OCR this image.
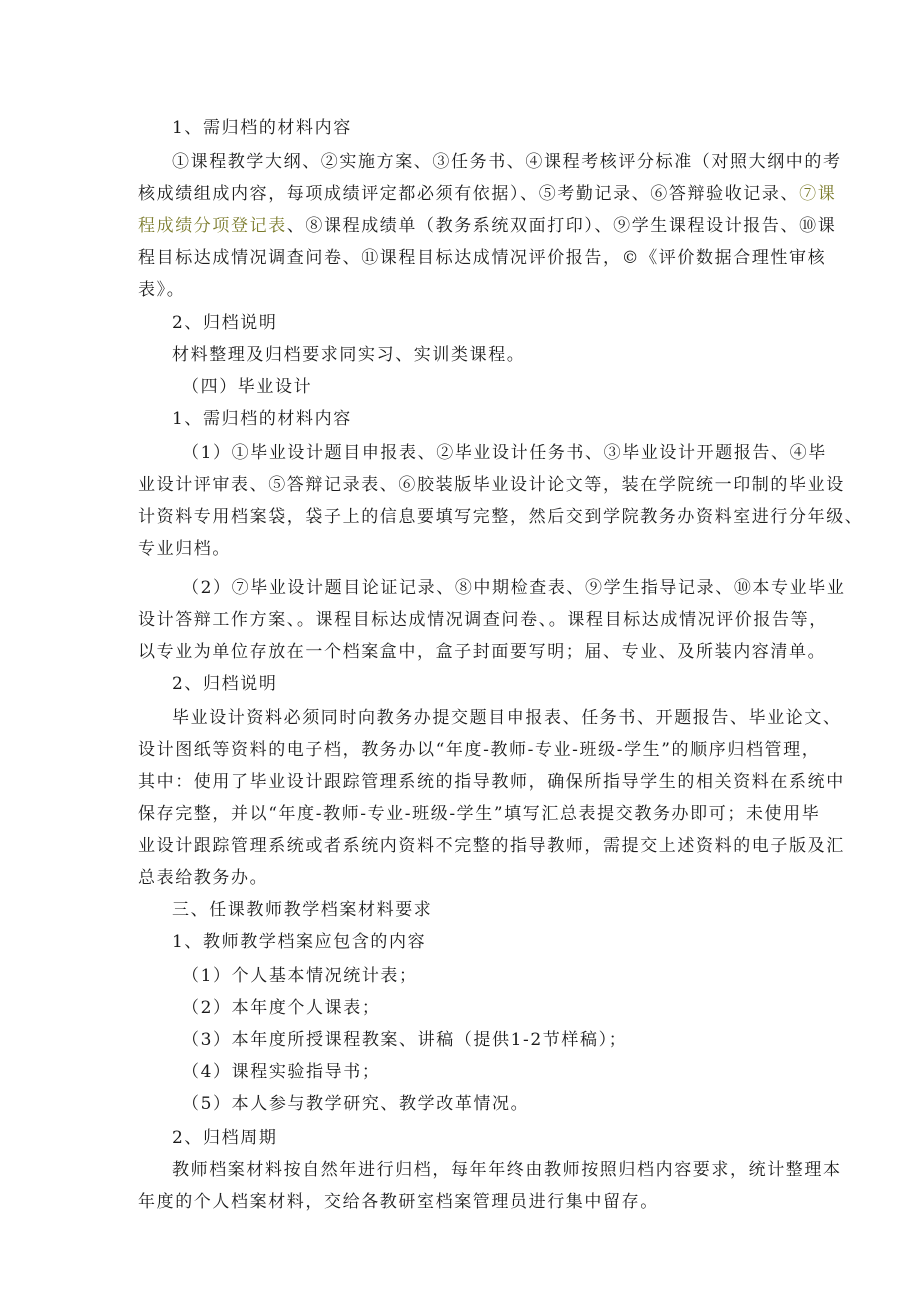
1、需归档的材料内容
①课程教学大纲、②实施方案、③任务书、④课程考核评分标准（对照大纲中的考
核成绩组成内容，每项成绩评定都必须有依据）、⑤考勤记录、⑥答辩验收记录、⑦课
程成绩分项登记表、⑧课程成绩单（教务系统双面打印）、⑨学生课程设计报告、⑩课
程目标达成情况调查问卷、⑪课程目标达成情况评价报告，©《评价数据合理性审核
表》。
2、归档说明
材料整理及归档要求同实习、实训类课程。
（四）毕业设计
1、需归档的材料内容
（1）①毕业设计题目申报表、②毕业设计任务书、③毕业设计开题报告、④毕
业设计评审表、⑤答辩记录表、⑥胶装版毕业设计论文等，装在学院统一印制的毕业设
计资料专用档案袋，袋子上的信息要填写完整，然后交到学院教务办资料室进行分年级、
专业归档。
（2）⑦毕业设计题目论证记录、⑧中期检查表、⑨学生指导记录、⑩本专业毕业
设计答辩工作方案、。课程目标达成情况调查问卷、。课程目标达成情况评价报告等，
以专业为单位存放在一个档案盒中，盒子封面要写明；届、专业、及所装内容清单。
2、归档说明
毕业设计资料必须同时向教务办提交题目申报表、任务书、开题报告、毕业论文、
设计图纸等资料的电子档，教务办以“年度-教师-专业-班级-学生”的顺序归档管理，
其中：使用了毕业设计跟踪管理系统的指导教师，确保所指导学生的相关资料在系统中
保存完整，并以“年度-教师-专业-班级-学生”填写汇总表提交教务办即可；未使用毕
业设计跟踪管理系统或者系统内资料不完整的指导教师，需提交上述资料的电子版及汇
总表给教务办。
三、任课教师教学档案材料要求
1、教师教学档案应包含的内容
（1）个人基本情况统计表；
（2）本年度个人课表；
（3）本年度所授课程教案、讲稿（提供1-2节样稿）；
（4）课程实验指导书；
（5）本人参与教学研究、教学改革情况。
2、归档周期
教师档案材料按自然年进行归档，每年年终由教师按照归档内容要求，统计整理本
年度的个人档案材料，交给各教研室档案管理员进行集中留存。
